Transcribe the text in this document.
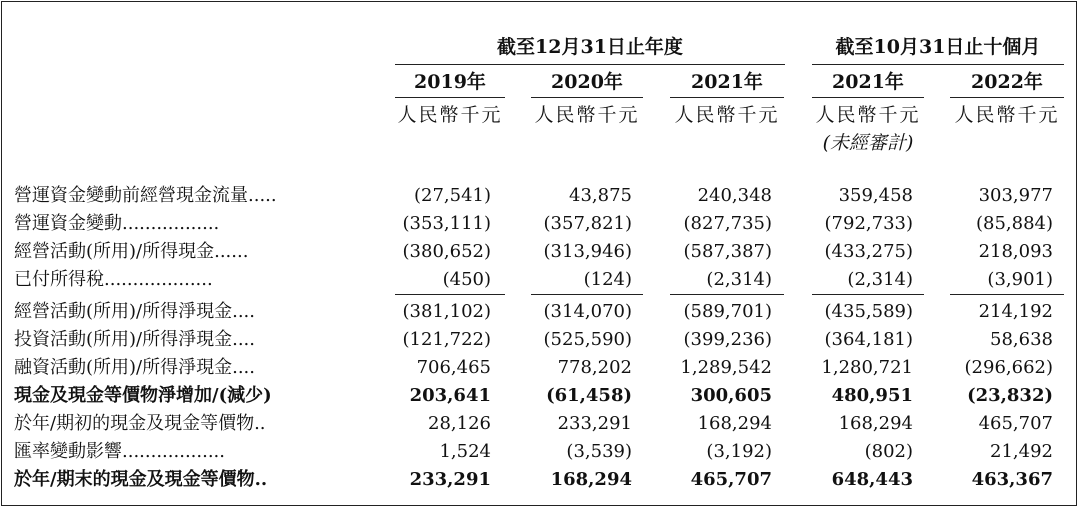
截至12月31日止年度	截至10月31日止十個月
2019年	2020年	2021年	2021年	2022年
人民幣千元	人民幣千元	人民幣千元	人民幣千元	人民幣千元
(未經審計)
營運資金變動前經營現金流量.....	(27,541)	43,875	240,348	359,458	303,977
營運資金變動.................	(353,111)	(357,821)	(827,735)	(792,733)	(85,884)
經營活動(所用)/所得現金......	(380,652)	(313,946)	(587,387)	(433,275)	218,093
已付所得稅...................	(450)	(124)	(2,314)	(2,314)	(3,901)
經營活動(所用)/所得淨現金....	(381,102)	(314,070)	(589,701)	(435,589)	214,192
投資活動(所用)/所得淨現金....	(121,722)	(525,590)	(399,236)	(364,181)	58,638
融資活動(所用)/所得淨現金....	706,465	778,202	1,289,542	1,280,721	(296,662)
現金及現金等價物淨增加/(減少)	203,641	(61,458)	300,605	480,951	(23,832)
於年/期初的現金及現金等價物..	28,126	233,291	168,294	168,294	465,707
匯率變動影響..................	1,524	(3,539)	(3,192)	(802)	21,492
於年/期末的現金及現金等價物..	233,291	168,294	465,707	648,443	463,367
